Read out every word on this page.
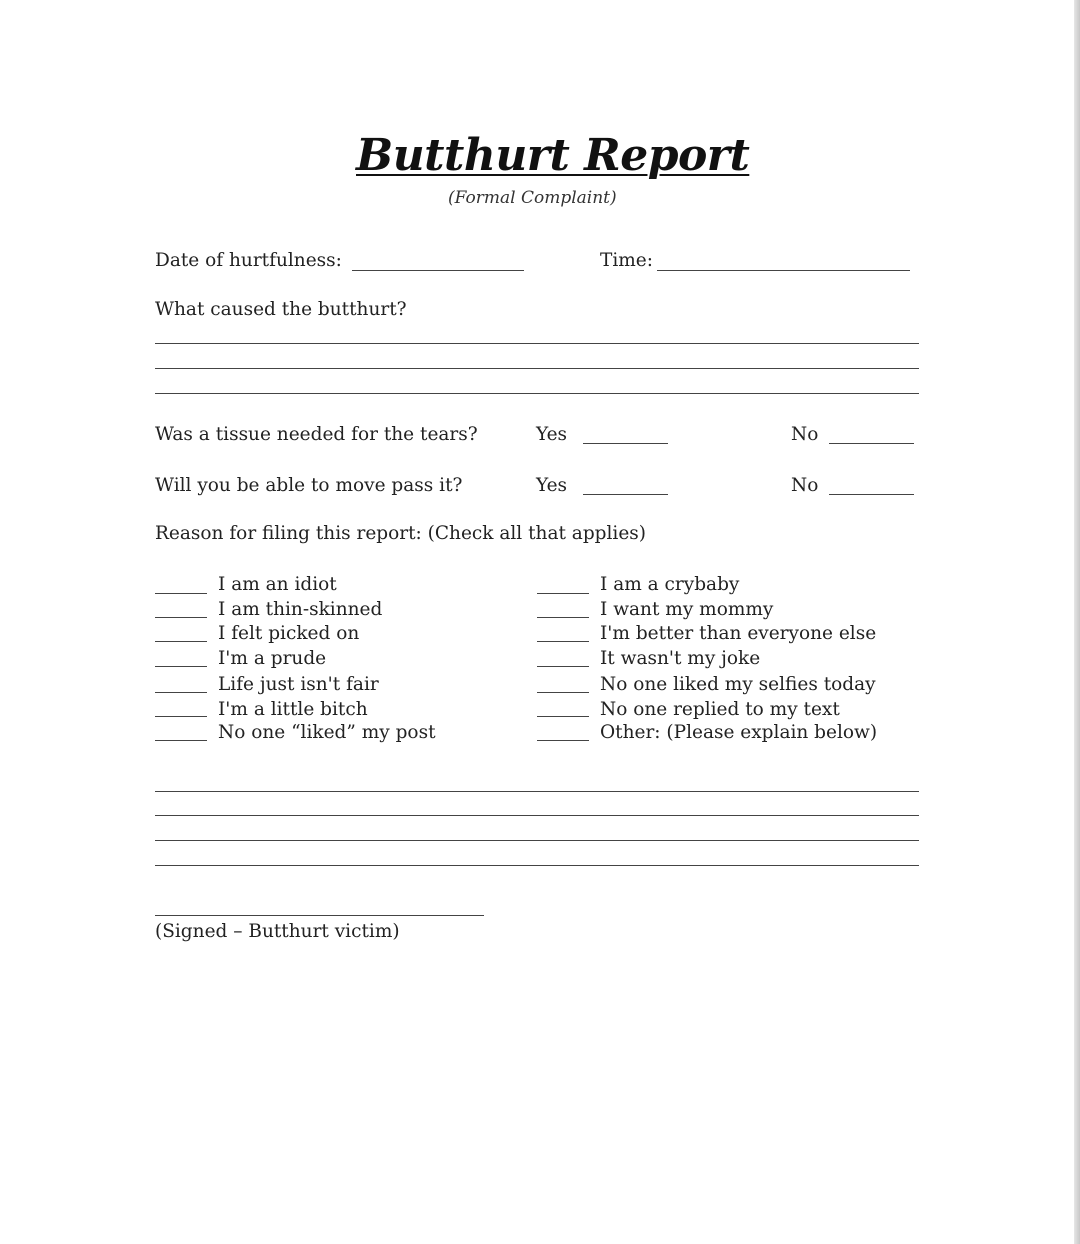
Butthurt Report
(Formal Complaint)
Date of hurtfulness:	Time:
What caused the butthurt?
Was a tissue needed for the tears?	Yes	No
Will you be able to move pass it?	Yes	No
Reason for filing this report: (Check all that applies)
I am an idiot
I am thin-skinned
I felt picked on
I'm a prude
Life just isn't fair
I'm a little bitch
No one “liked” my post
I am a crybaby
I want my mommy
I'm better than everyone else
It wasn't my joke
No one liked my selfies today
No one replied to my text
Other: (Please explain below)
(Signed – Butthurt victim)
